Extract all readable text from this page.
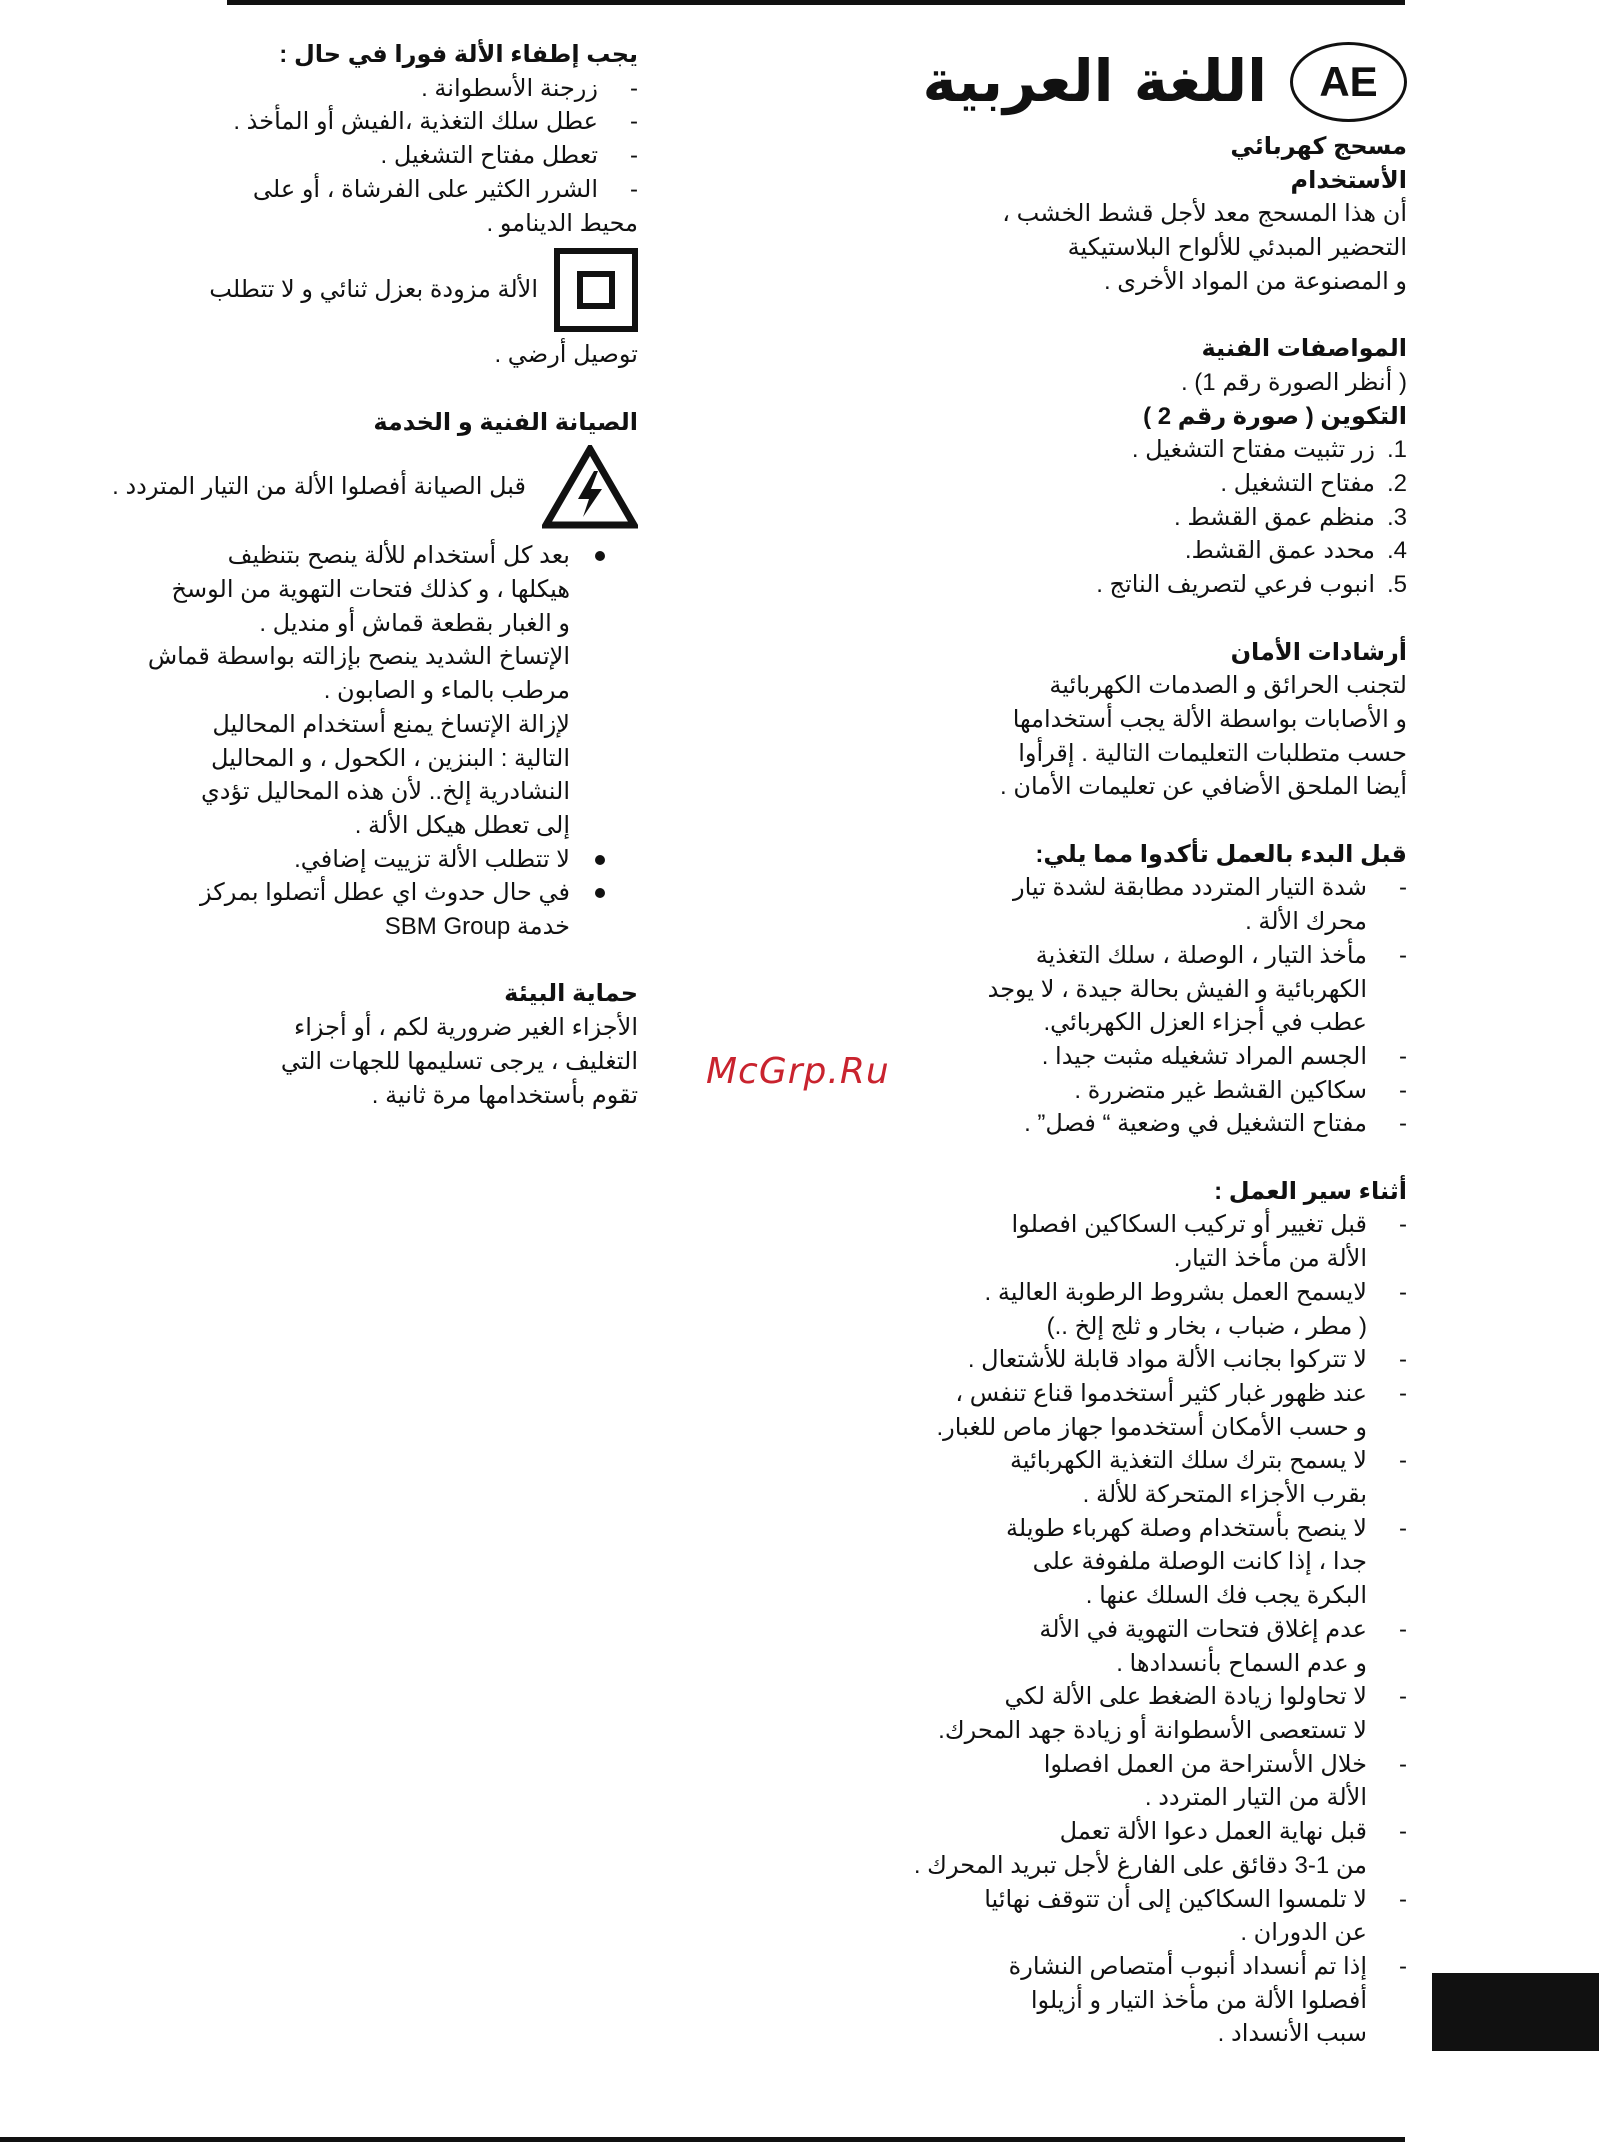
AE
اللغة العربية
مسحج كهربائي
الأستخدام

أن هذا المسحج معد لأجل قشط الخشب ،

التحضير المبدئي للألواح البلاستيكية

و المصنوعة من المواد الأخرى .

المواصفات الفنية

( أنظر الصورة رقم 1) .

التكوين ( صورة رقم 2 )
1.
زر تثبيت مفتاح التشغيل .
2.
مفتاح التشغيل .
3.
منظم عمق القشط .
4.
محدد عمق القشط.
5.
انبوب فرعي لتصريف الناتج .
أرشادات الأمان

لتجنب الحرائق و الصدمات الكهربائية

و الأصابات بواسطة الألة يجب أستخدامها

حسب متطلبات التعليمات التالية . إقرأوا

أيضا الملحق الأضافي عن تعليمات الأمان .

قبل البدء بالعمل تأكدوا مما يلي:
- شدة التيار المتردد مطابقة لشدة تيار
محرك الألة .
- مأخذ التيار ، الوصلة ، سلك التغذية
الكهربائية و الفيش بحالة جيدة ، لا يوجد
عطب في أجزاء العزل الكهربائي.
- الجسم المراد تشغيله مثبت جيدا .
- سكاكين القشط غير متضررة .
- مفتاح التشغيل في وضعية “ فصل” .
أثناء سير العمل :
- قبل تغيير أو تركيب السكاكين افصلوا
الألة من مأخذ التيار.
- لايسمح العمل بشروط الرطوبة العالية .
( مطر ، ضباب ، بخار و ثلج إلخ ..)
- لا تتركوا بجانب الألة مواد قابلة للأشتعال .
- عند ظهور غبار كثير أستخدموا قناع تنفس ،
و حسب الأمكان أستخدموا جهاز ماص للغبار.
- لا يسمح بترك سلك التغذية الكهربائية
بقرب الأجزاء المتحركة للألة .
- لا ينصح بأستخدام وصلة كهرباء طويلة
جدا ، إذا كانت الوصلة ملفوفة على
البكرة يجب فك السلك عنها .
- عدم إغلاق فتحات التهوية في الألة
و عدم السماح بأنسدادها .
- لا تحاولوا زيادة الضغط على الألة لكي
لا تستعصى الأسطوانة أو زيادة جهد المحرك.
- خلال الأستراحة من العمل افصلوا
الألة من التيار المتردد .
- قبل نهاية العمل دعوا الألة تعمل
من 1-3 دقائق على الفارغ لأجل تبريد المحرك .
- لا تلمسوا السكاكين إلى أن تتوقف نهائيا
عن الدوران .
- إذا تم أنسداد أنبوب أمتصاص النشارة
أفصلوا الألة من مأخذ التيار و أزيلوا
سبب الأنسداد .
يجب إطفاء الألة فورا في حال :
- زرجنة الأسطوانة .
- عطل سلك التغذية ،الفيش أو المأخذ .
- تعطل مفتاح التشغيل .
- الشرر الكثير على الفرشاة ، أو على

محيط الدينامو .

الألة مزودة بعزل ثنائي و لا تتطلب

توصيل أرضي .

الصيانة الفنية و الخدمة
قبل الصيانة أفصلوا الألة من التيار المتردد .
بعد كل أستخدام للألة ينصح بتنظيف
هيكلها ، و كذلك فتحات التهوية من الوسخ
و الغبار بقطعة قماش أو منديل .
الإتساخ الشديد ينصح بإزالته بواسطة قماش
مرطب بالماء و الصابون .
لإزالة الإتساخ يمنع أستخدام المحاليل
التالية : البنزين ، الكحول ، و المحاليل
النشادرية إلخ.. لأن هذه المحاليل تؤدي
إلى تعطل هيكل الألة .
لا تتطلب الألة تزييت إضافي.
في حال حدوث اي عطل أتصلوا بمركز
خدمة SBM Group
حماية البيئة

الأجزاء الغير ضرورية لكم ، أو أجزاء

التغليف ، يرجى تسليمها للجهات التي

تقوم بأستخدامها مرة ثانية .

McGrp.Ru
